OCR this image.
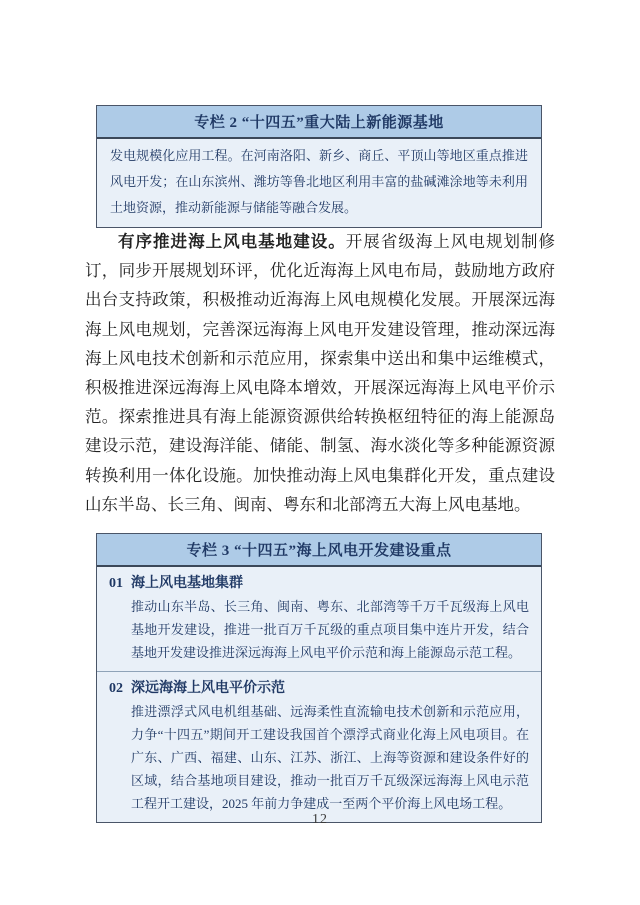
专栏 2 “十四五”重大陆上新能源基地

发电规模化应用工程。在河南洛阳、新乡、商丘、平顶山等地区重点推进风电开发；在山东滨州、潍坊等鲁北地区利用丰富的盐碱滩涂地等未利用土地资源，推动新能源与储能等融合发展。

有序推进海上风电基地建设。开展省级海上风电规划制修订，同步开展规划环评，优化近海海上风电布局，鼓励地方政府出台支持政策，积极推动近海海上风电规模化发展。开展深远海海上风电规划，完善深远海海上风电开发建设管理，推动深远海海上风电技术创新和示范应用，探索集中送出和集中运维模式，积极推进深远海海上风电降本增效，开展深远海海上风电平价示范。探索推进具有海上能源资源供给转换枢纽特征的海上能源岛建设示范，建设海洋能、储能、制氢、海水淡化等多种能源资源转换利用一体化设施。加快推动海上风电集群化开发，重点建设山东半岛、长三角、闽南、粤东和北部湾五大海上风电基地。

专栏 3 “十四五”海上风电开发建设重点
01 海上风电基地集群

推动山东半岛、长三角、闽南、粤东、北部湾等千万千瓦级海上风电基地开发建设，推进一批百万千瓦级的重点项目集中连片开发，结合基地开发建设推进深远海海上风电平价示范和海上能源岛示范工程。

02 深远海海上风电平价示范

推进漂浮式风电机组基础、远海柔性直流输电技术创新和示范应用，力争“十四五”期间开工建设我国首个漂浮式商业化海上风电项目。在广东、广西、福建、山东、江苏、浙江、上海等资源和建设条件好的区域，结合基地项目建设，推动一批百万千瓦级深远海海上风电示范工程开工建设，2025 年前力争建成一至两个平价海上风电场工程。

12
